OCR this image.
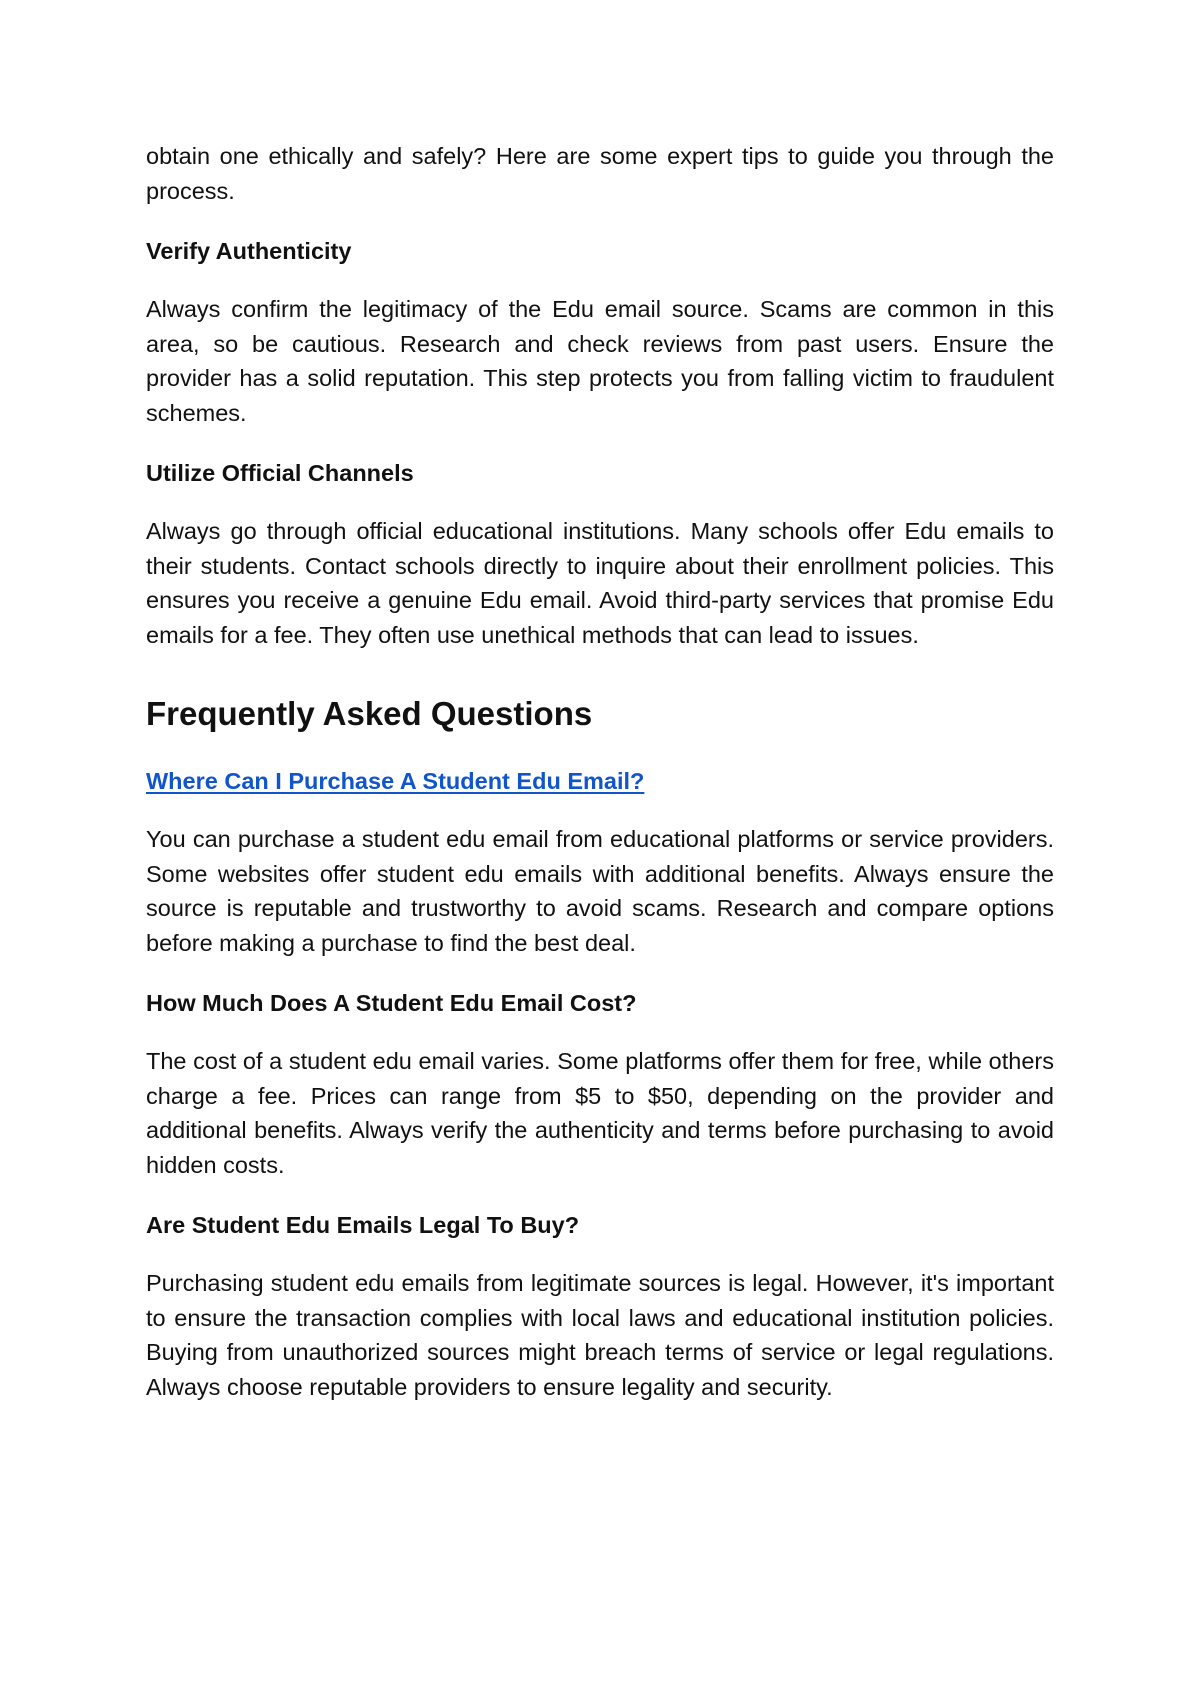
obtain one ethically and safely? Here are some expert tips to guide you through the process.

Verify Authenticity

Always confirm the legitimacy of the Edu email source. Scams are common in this area, so be cautious. Research and check reviews from past users. Ensure the provider has a solid reputation. This step protects you from falling victim to fraudulent schemes.

Utilize Official Channels

Always go through official educational institutions. Many schools offer Edu emails to their students. Contact schools directly to inquire about their enrollment policies. This ensures you receive a genuine Edu email. Avoid third-party services that promise Edu emails for a fee. They often use unethical methods that can lead to issues.

Frequently Asked Questions
Where Can I Purchase A Student Edu Email?

You can purchase a student edu email from educational platforms or service providers. Some websites offer student edu emails with additional benefits. Always ensure the source is reputable and trustworthy to avoid scams. Research and compare options before making a purchase to find the best deal.

How Much Does A Student Edu Email Cost?

The cost of a student edu email varies. Some platforms offer them for free, while others charge a fee. Prices can range from $5 to $50, depending on the provider and additional benefits. Always verify the authenticity and terms before purchasing to avoid hidden costs.

Are Student Edu Emails Legal To Buy?

Purchasing student edu emails from legitimate sources is legal. However, it's important to ensure the transaction complies with local laws and educational institution policies. Buying from unauthorized sources might breach terms of service or legal regulations. Always choose reputable providers to ensure legality and security.
